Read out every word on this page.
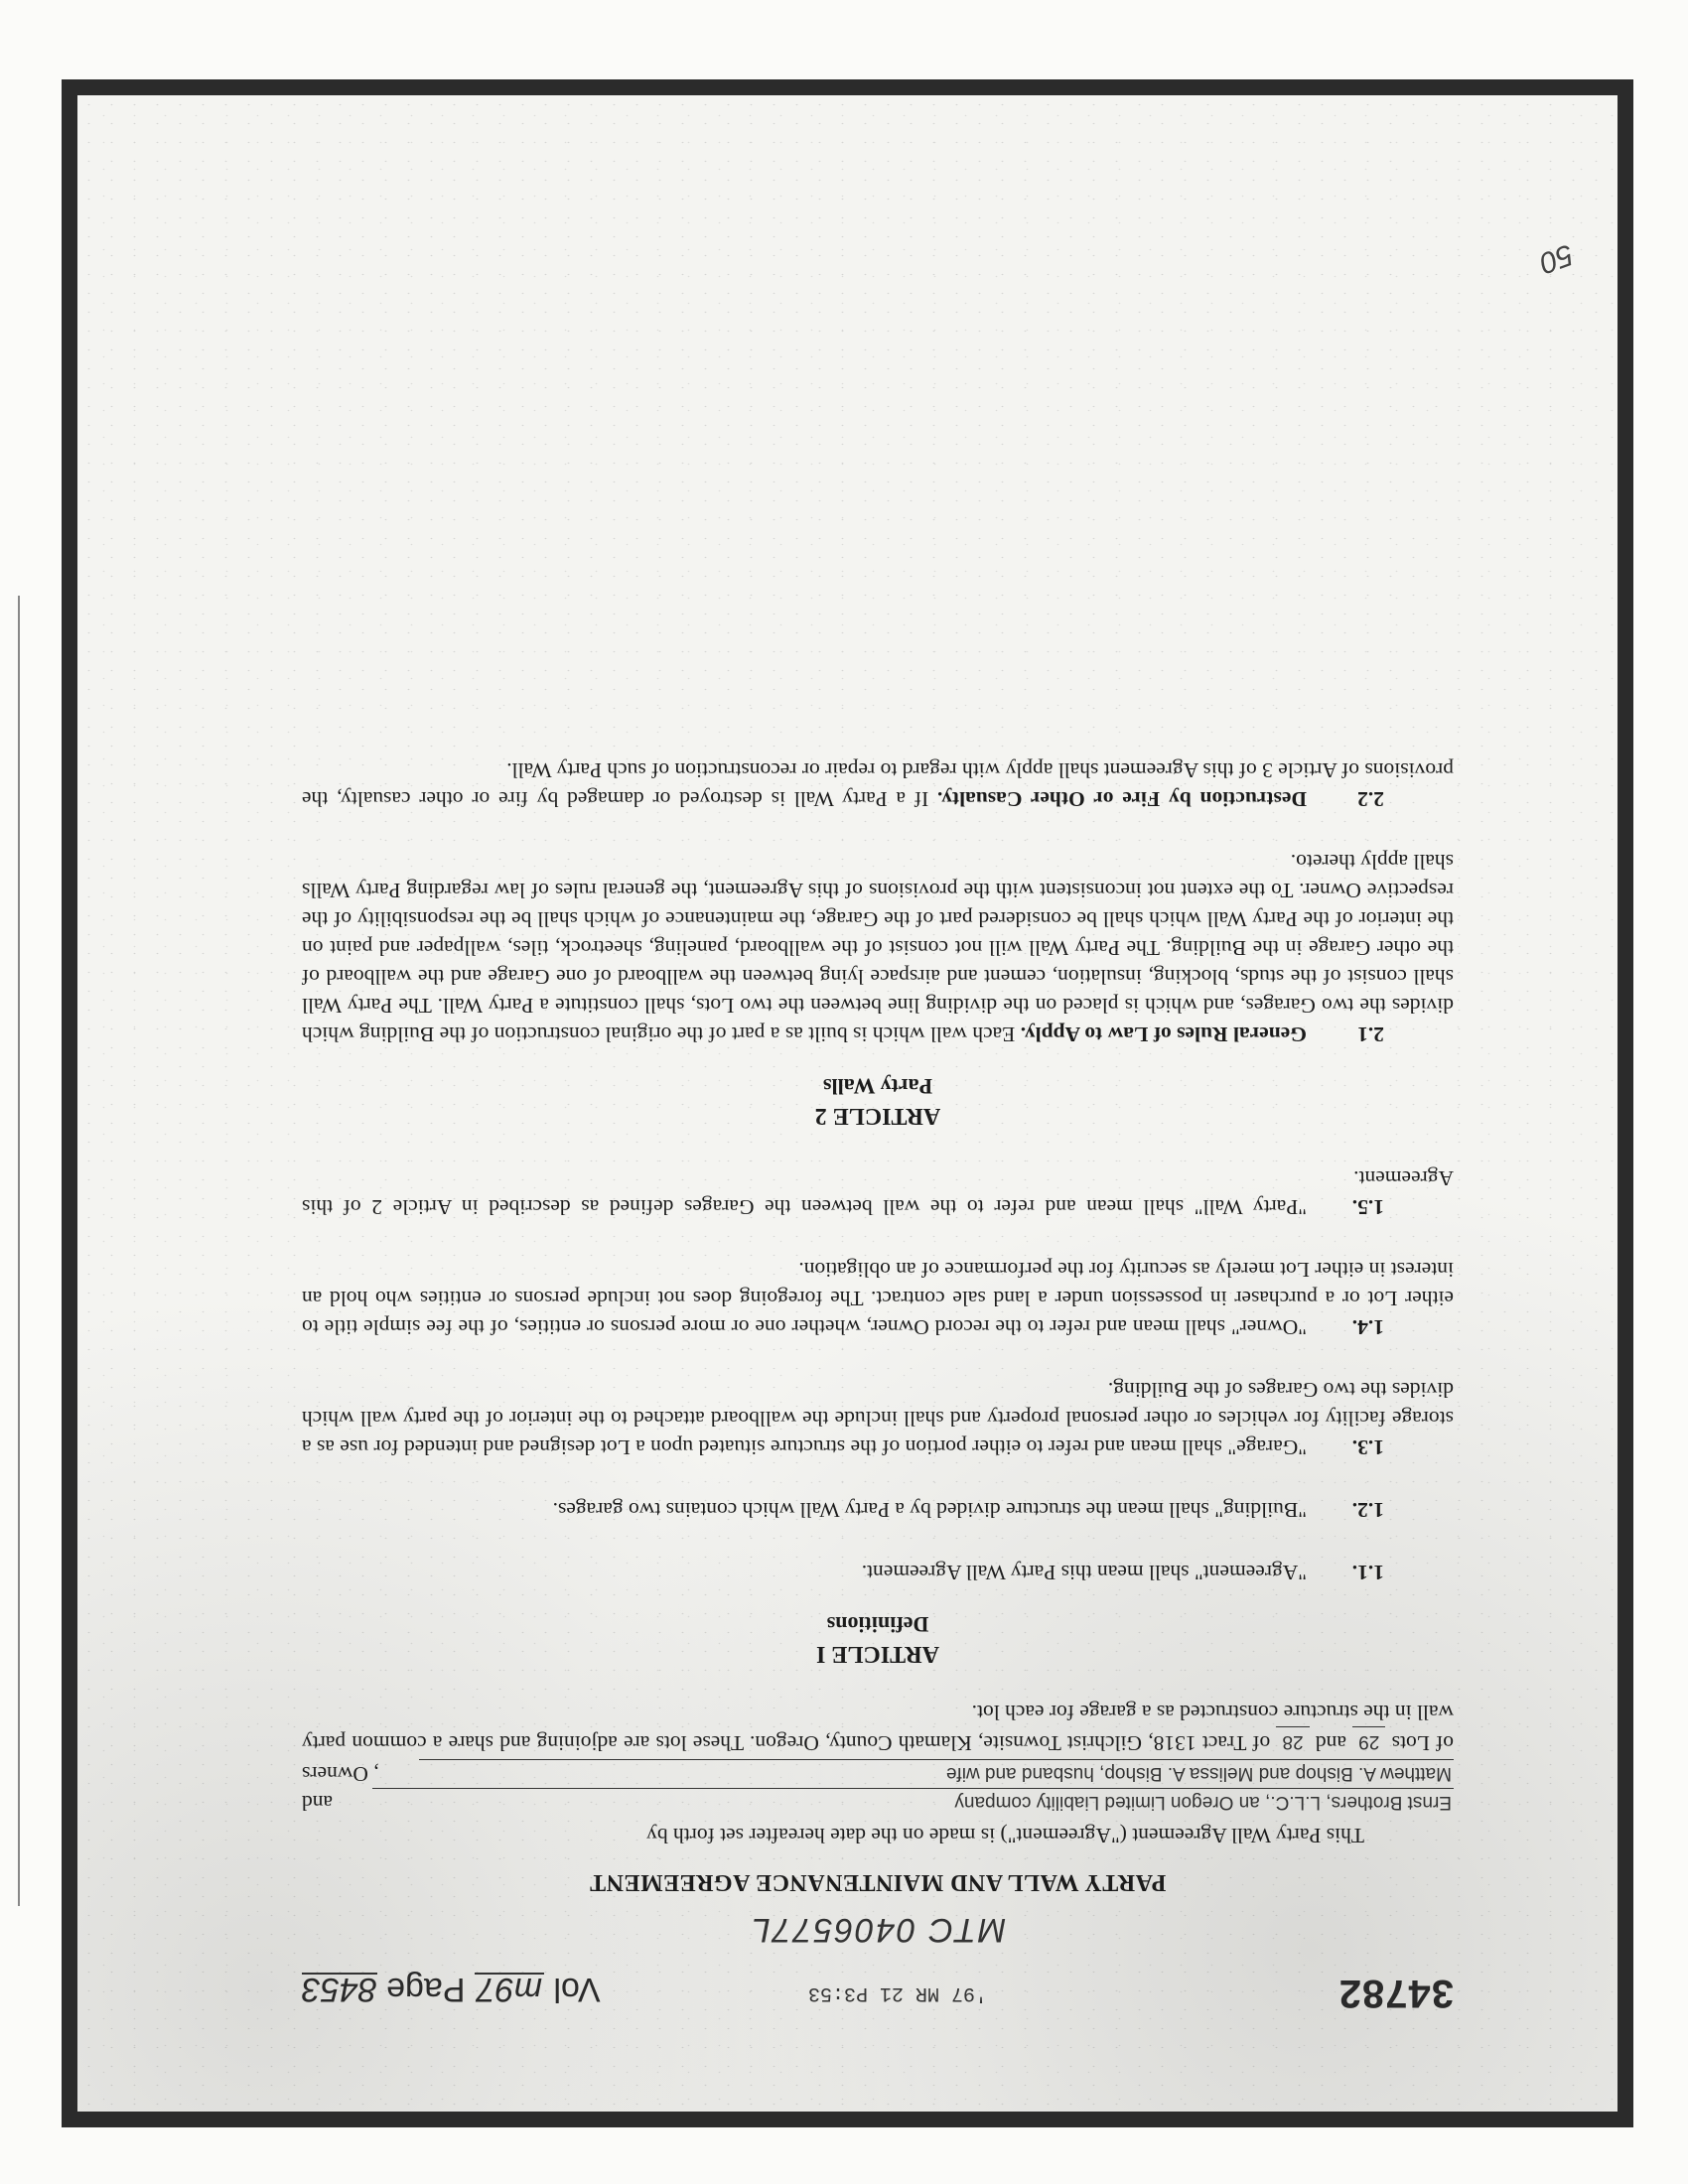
34782
'97 MR 21 P3:53
Vol m97 Page 8453
MTC 0406577L
PARTY WALL AND MAINTENANCE AGREEMENT
This Party Wall Agreement ("Agreement") is made on the date hereafter set forth by
Ernst Brothers, L.L.C., an Oregon Limited Liability company
and
Matthew A. Bishop and Melissa A. Bishop, husband and wife
, Owners
of Lots 29 and 28 of Tract 1318, Gilchrist Townsite, Klamath County, Oregon. These lots are adjoining and share a common party wall in the structure constructed as a garage for each lot.
ARTICLE I
Definitions

1.1."Agreement" shall mean this Party Wall Agreement.

1.2."Building" shall mean the structure divided by a Party Wall which contains two garages.

1.3."Garage" shall mean and refer to either portion of the structure situated upon a Lot designed and intended for use as a storage facility for vehicles or other personal property and shall include the wallboard attached to the interior of the party wall which divides the two Garages of the Building.

1.4."Owner" shall mean and refer to the record Owner, whether one or more persons or entities, of the fee simple title to either Lot or a purchaser in possession under a land sale contract. The foregoing does not include persons or entities who hold an interest in either Lot merely as security for the performance of an obligation.

1.5."Party Wall" shall mean and refer to the wall between the Garages defined as described in Article 2 of this Agreement.

ARTICLE 2
Party Walls

2.1General Rules of Law to Apply. Each wall which is built as a part of the original construction of the Building which divides the two Garages, and which is placed on the dividing line between the two Lots, shall constitute a Party Wall. The Party Wall shall consist of the studs, blocking, insulation, cement and airspace lying between the wallboard of one Garage and the wallboard of the other Garage in the Building. The Party Wall will not consist of the wallboard, paneling, sheetrock, tiles, wallpaper and paint on the interior of the Party Wall which shall be considered part of the Garage, the maintenance of which shall be the responsibility of the respective Owner. To the extent not inconsistent with the provisions of this Agreement, the general rules of law regarding Party Walls shall apply thereto.

2.2Destruction by Fire or Other Casualty. If a Party Wall is destroyed or damaged by fire or other casualty, the provisions of Article 3 of this Agreement shall apply with regard to repair or reconstruction of such Party Wall.

50
